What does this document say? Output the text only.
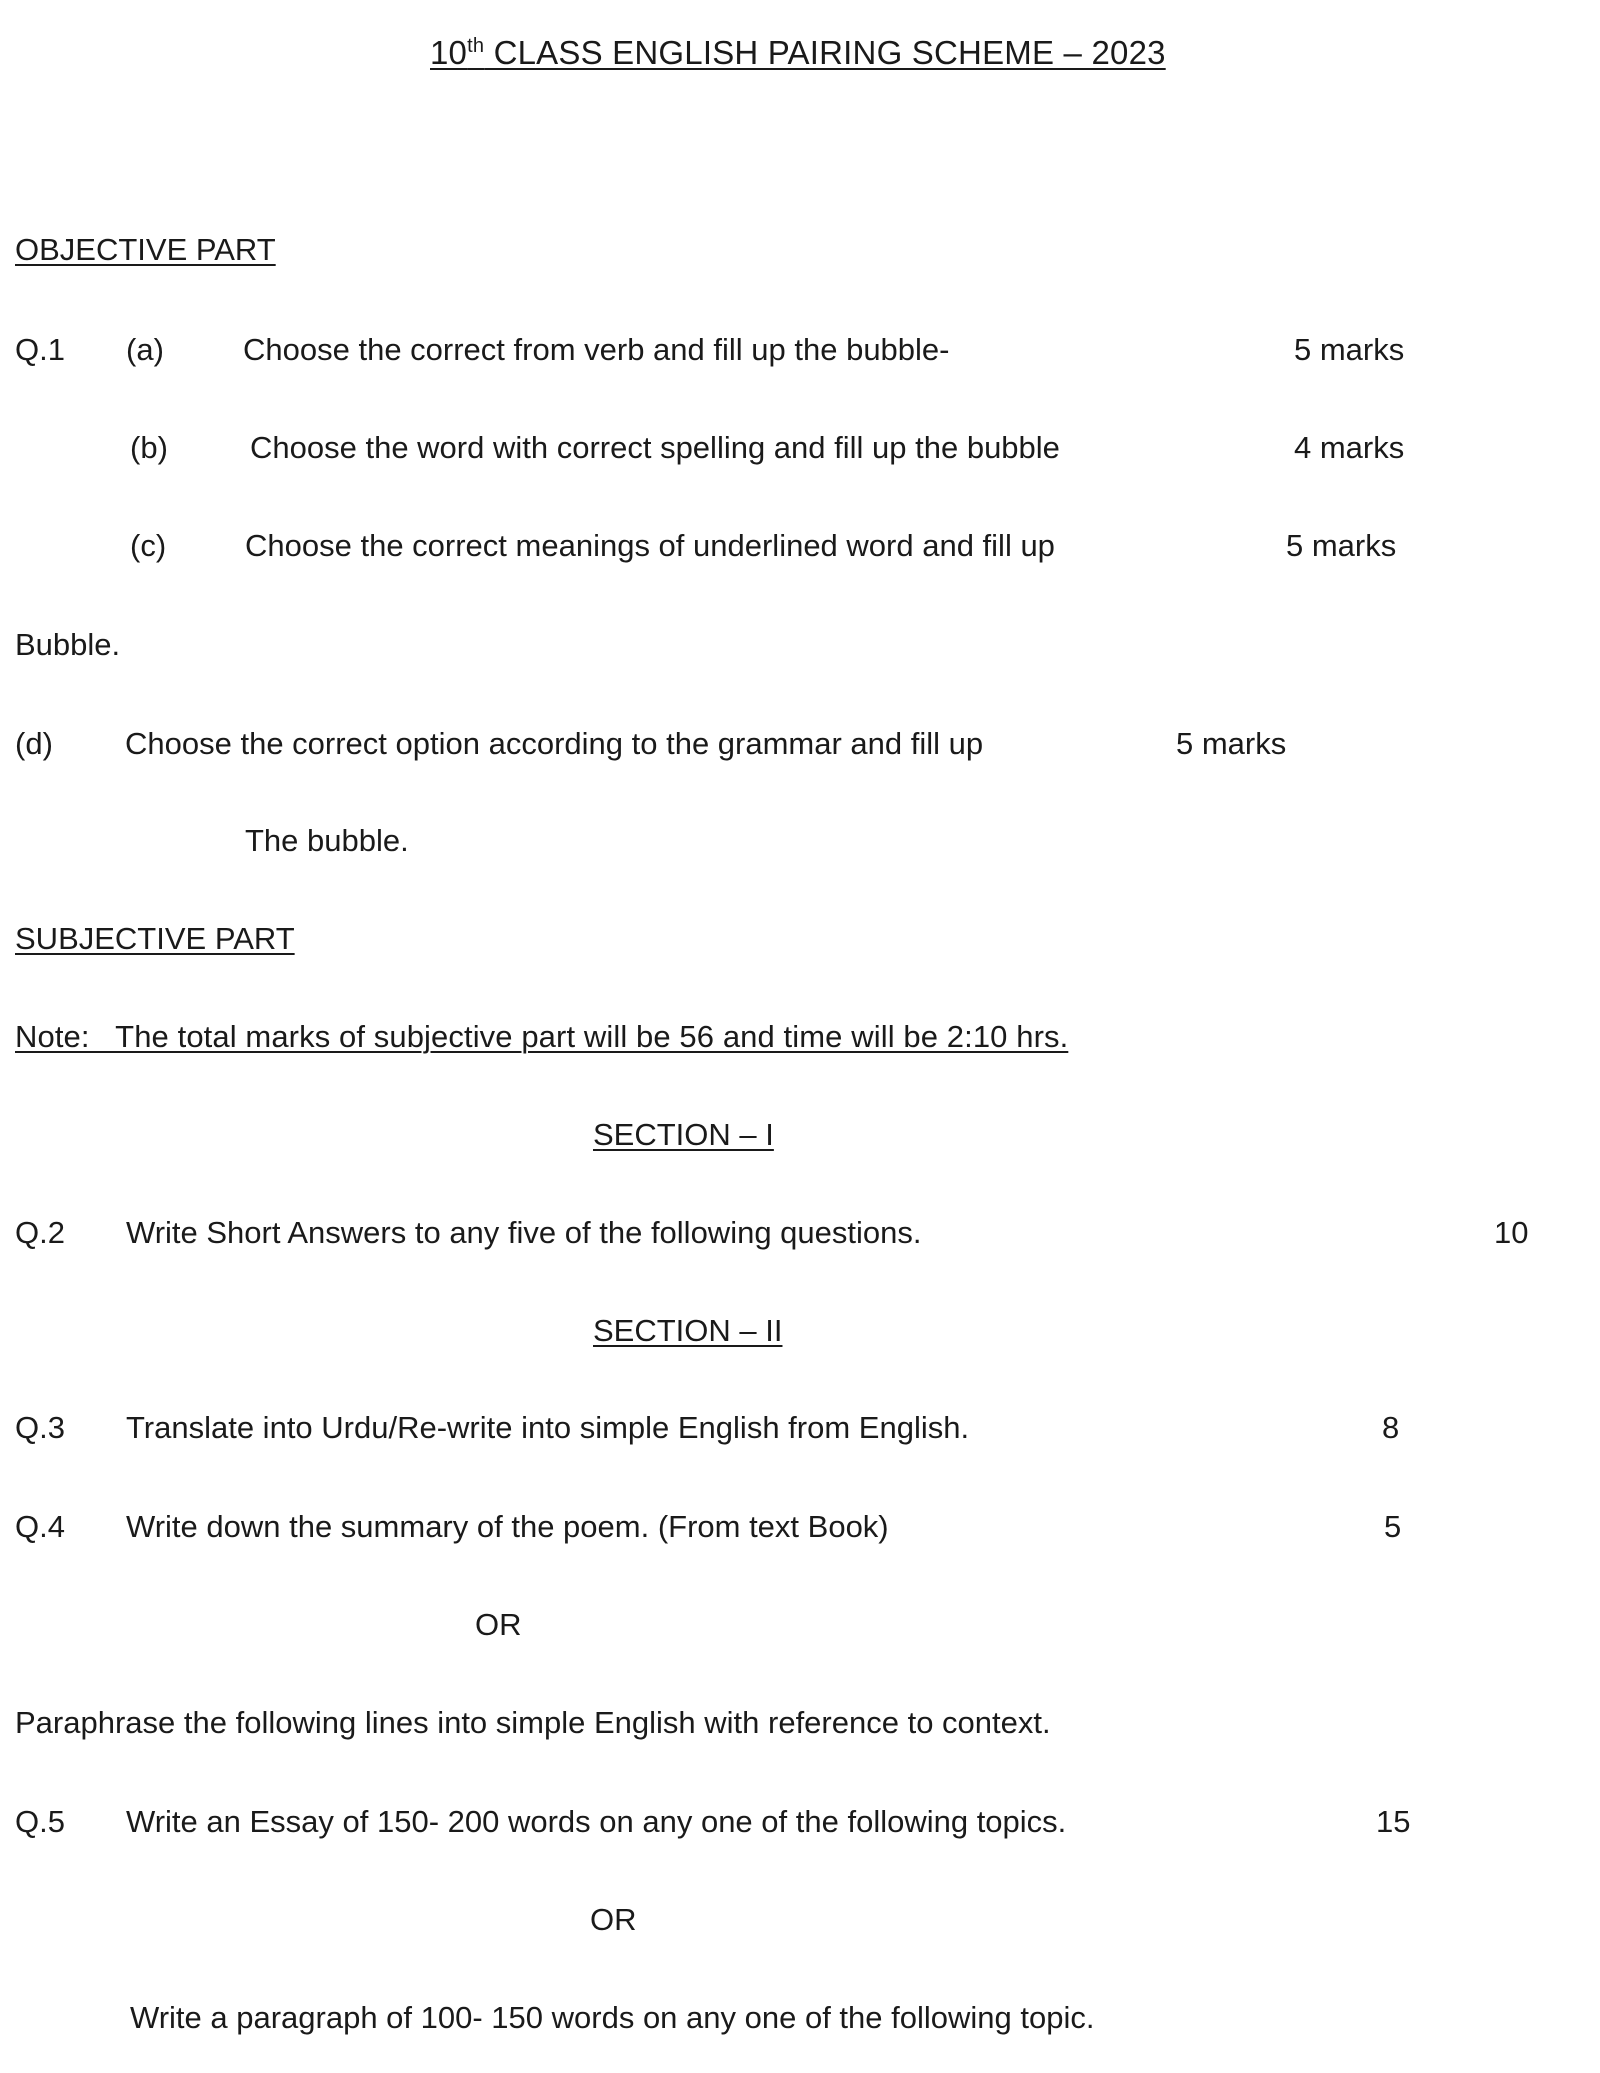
10th CLASS ENGLISH PAIRING SCHEME – 2023
OBJECTIVE PART
Q.1 (a)	Choose the correct from verb and fill up the bubble-	5 marks
(b)	Choose the word with correct spelling and fill up the bubble	4 marks
(c)	Choose the correct meanings of underlined word and fill up	5 marks
Bubble.
(d) Choose the correct option according to the grammar and fill up	5 marks
The bubble.
SUBJECTIVE PART
Note:   The total marks of subjective part will be 56 and time will be 2:10 hrs.
SECTION – I
Q.2 Write Short Answers to any five of the following questions.	10
SECTION – II
Q.3 Translate into Urdu/Re-write into simple English from English.	8
Q.4 Write down the summary of the poem. (From text Book)	5
OR
Paraphrase the following lines into simple English with reference to context.
Q.5 Write an Essay of 150- 200 words on any one of the following topics.	15
OR
Write a paragraph of 100- 150 words on any one of the following topic.
